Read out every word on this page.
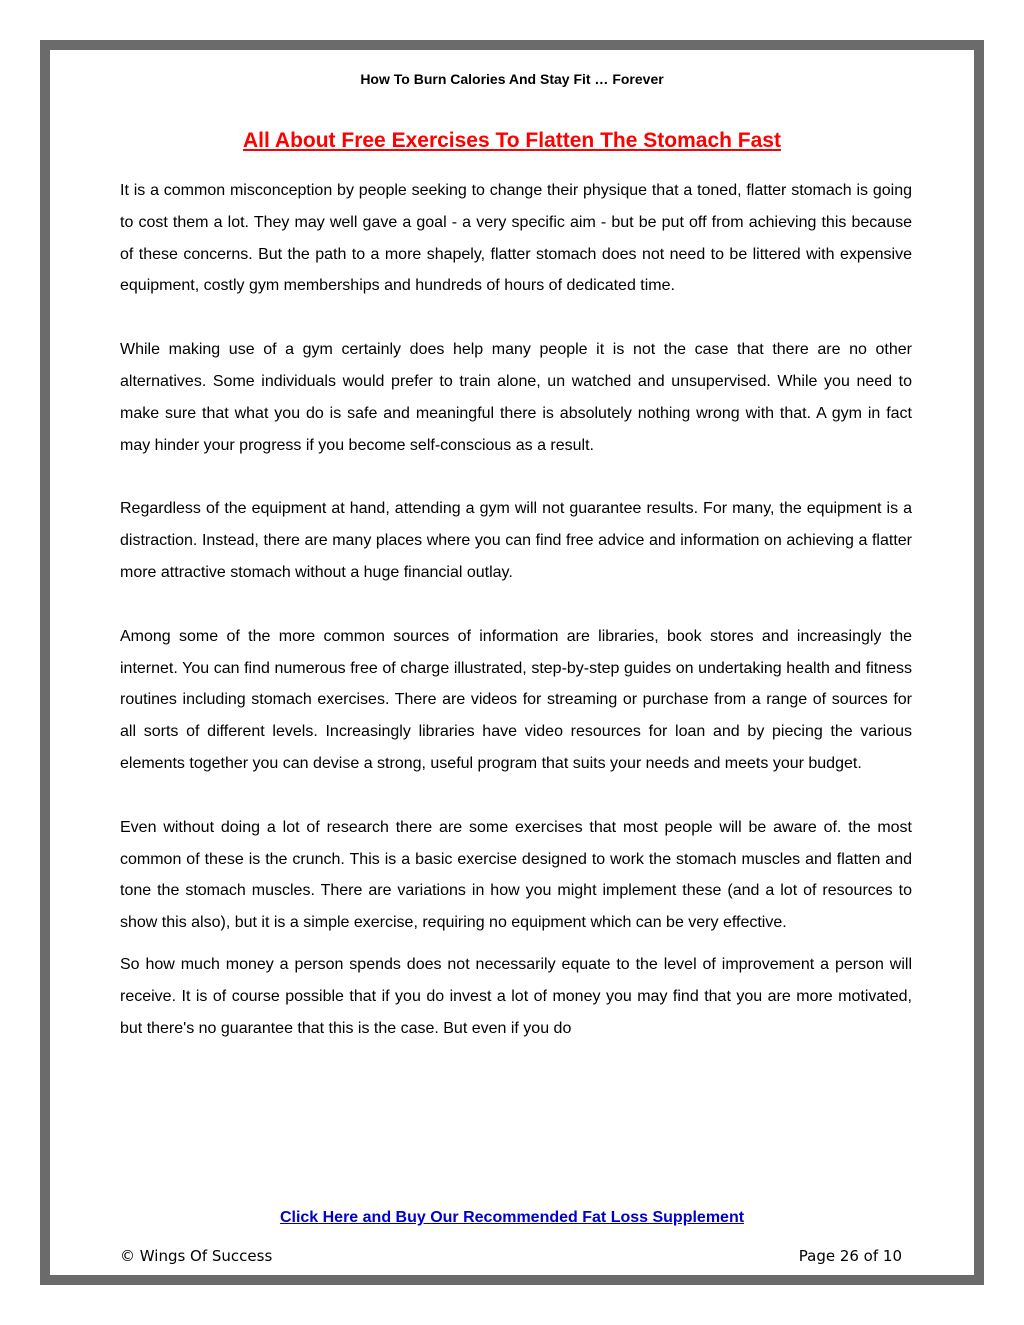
How To Burn Calories And Stay Fit … Forever
All About Free Exercises To Flatten The Stomach Fast

It is a common misconception by people seeking to change their physique that a toned, flatter stomach is going to cost them a lot. They may well gave a goal - a very specific aim - but be put off from achieving this because of these concerns. But the path to a more shapely, flatter stomach does not need to be littered with expensive equipment, costly gym memberships and hundreds of hours of dedicated time.

While making use of a gym certainly does help many people it is not the case that there are no other alternatives. Some individuals would prefer to train alone, un watched and unsupervised. While you need to make sure that what you do is safe and meaningful there is absolutely nothing wrong with that. A gym in fact may hinder your progress if you become self-conscious as a result.

Regardless of the equipment at hand, attending a gym will not guarantee results. For many, the equipment is a distraction. Instead, there are many places where you can find free advice and information on achieving a flatter more attractive stomach without a huge financial outlay.

Among some of the more common sources of information are libraries, book stores and increasingly the internet. You can find numerous free of charge illustrated, step-by-step guides on undertaking health and fitness routines including stomach exercises. There are videos for streaming or purchase from a range of sources for all sorts of different levels. Increasingly libraries have video resources for loan and by piecing the various elements together you can devise a strong, useful program that suits your needs and meets your budget.

Even without doing a lot of research there are some exercises that most people will be aware of. the most common of these is the crunch. This is a basic exercise designed to work the stomach muscles and flatten and tone the stomach muscles. There are variations in how you might implement these (and a lot of resources to show this also), but it is a simple exercise, requiring no equipment which can be very effective.

So how much money a person spends does not necessarily equate to the level of improvement a person will receive. It is of course possible that if you do invest a lot of money you may find that you are more motivated, but there's no guarantee that this is the case. But even if you do

Click Here and Buy Our Recommended Fat Loss Supplement
© Wings Of Success	Page 26 of 10
